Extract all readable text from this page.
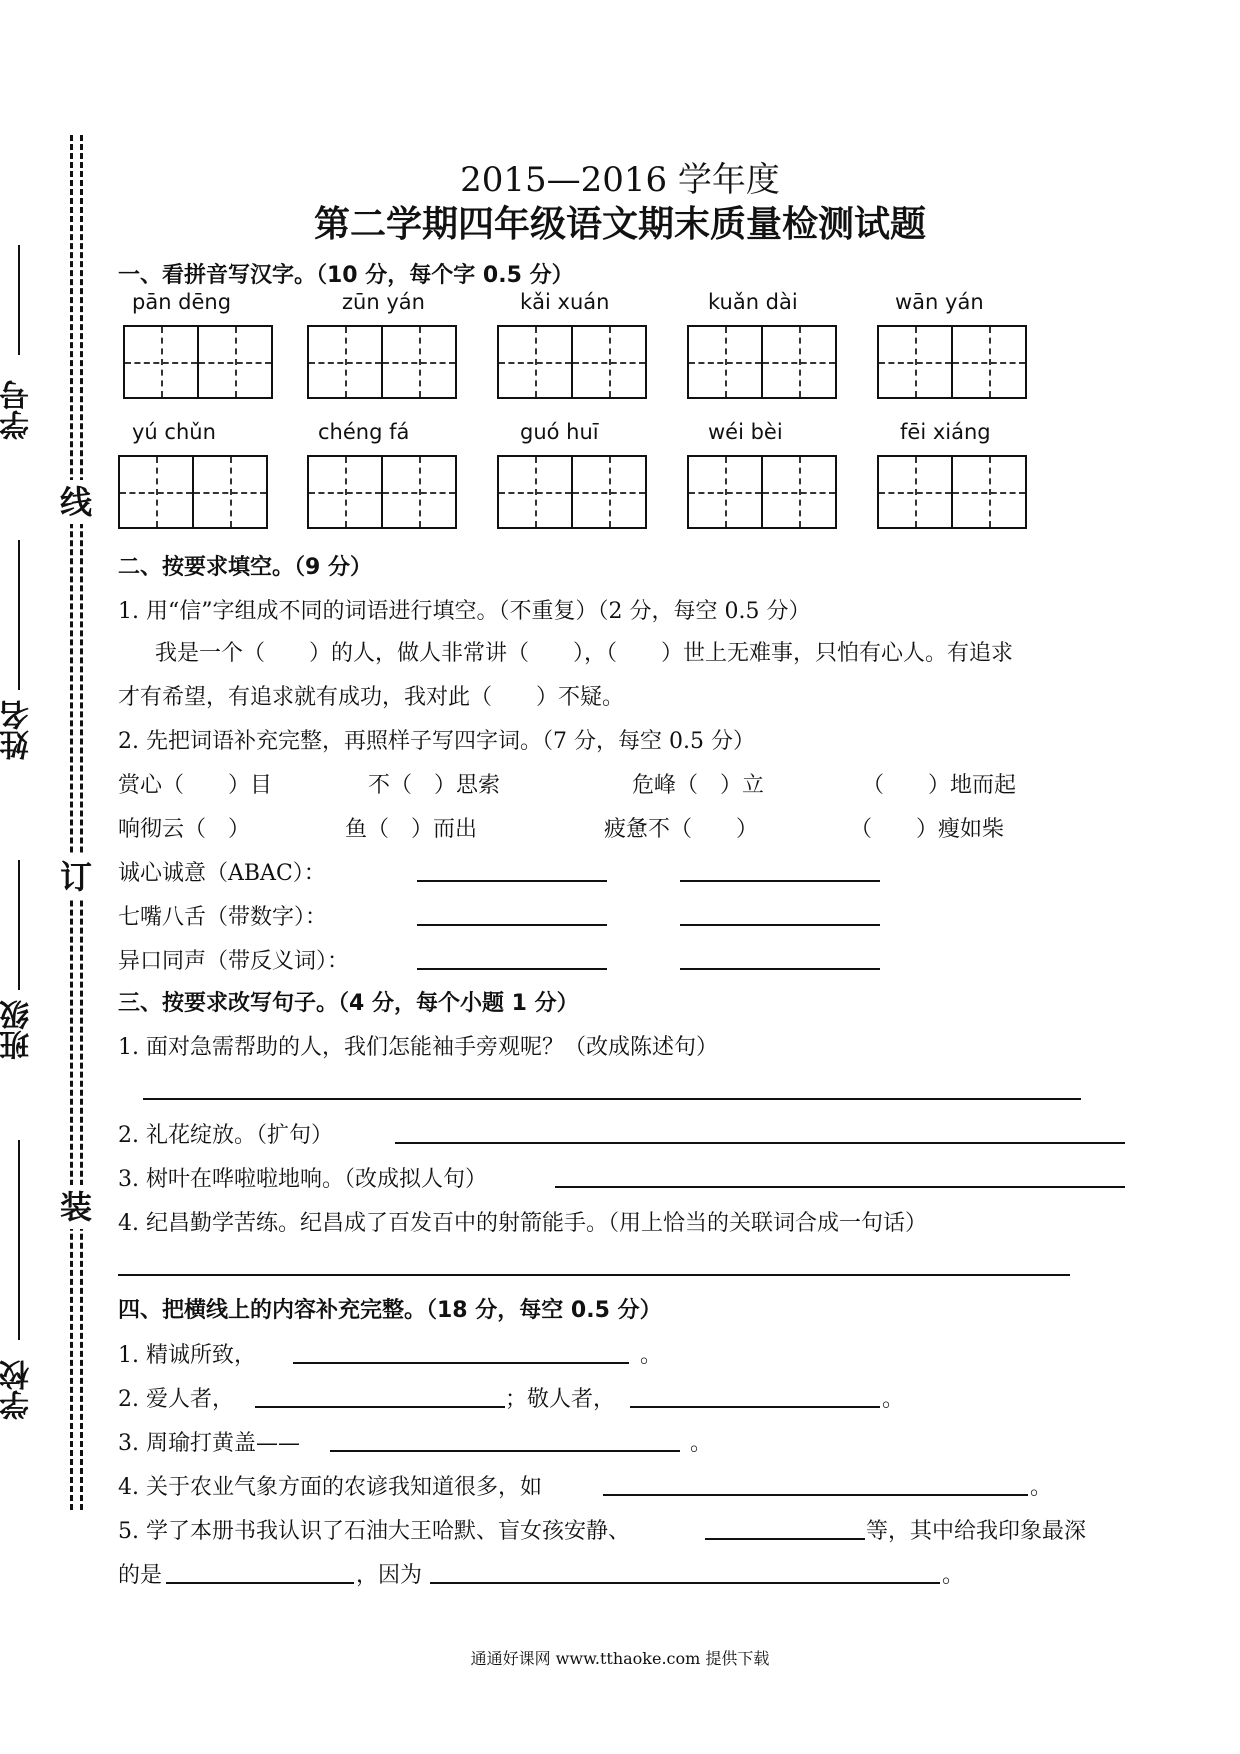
线
订
装
学号
姓名
班级
学校
2015—2016 学年度
第二学期四年级语文期末质量检测试题
一、看拼音写汉字。（10 分，每个字 0.5 分）
pān dēng	zūn yán	kǎi xuán	kuǎn dài	wān yán
yú chǔn	chéng fá	guó huī	wéi bèi	fēi xiáng
二、按要求填空。（9 分）
1. 用“信”字组成不同的词语进行填空。（不重复）（2 分，每空 0.5 分）
我是一个（　　）的人，做人非常讲（　　），（　　）世上无难事，只怕有心人。有追求
才有希望，有追求就有成功，我对此（　　）不疑。
2. 先把词语补充完整，再照样子写四字词。（7 分，每空 0.5 分）
赏心（　　）目	不（　）思索	危峰（　）立	（　　）地而起
响彻云（　）	鱼（　）而出	疲惫不（　　）	（　　）瘦如柴
诚心诚意（ABAC）：
七嘴八舌（带数字）：
异口同声（带反义词）：
三、按要求改写句子。（4 分，每个小题 1 分）
1. 面对急需帮助的人，我们怎能袖手旁观呢？（改成陈述句）
2. 礼花绽放。（扩句）
3. 树叶在哗啦啦地响。（改成拟人句）
4. 纪昌勤学苦练。纪昌成了百发百中的射箭能手。（用上恰当的关联词合成一句话）
四、把横线上的内容补充完整。（18 分，每空 0.5 分）
1. 精诚所致，	。
2. 爱人者，	；敬人者，	。
3. 周瑜打黄盖——	。
4. 关于农业气象方面的农谚我知道很多，如	。
5. 学了本册书我认识了石油大王哈默、盲女孩安静、	等，其中给我印象最深
的是	，因为	。
通通好课网 www.tthaoke.com 提供下载
